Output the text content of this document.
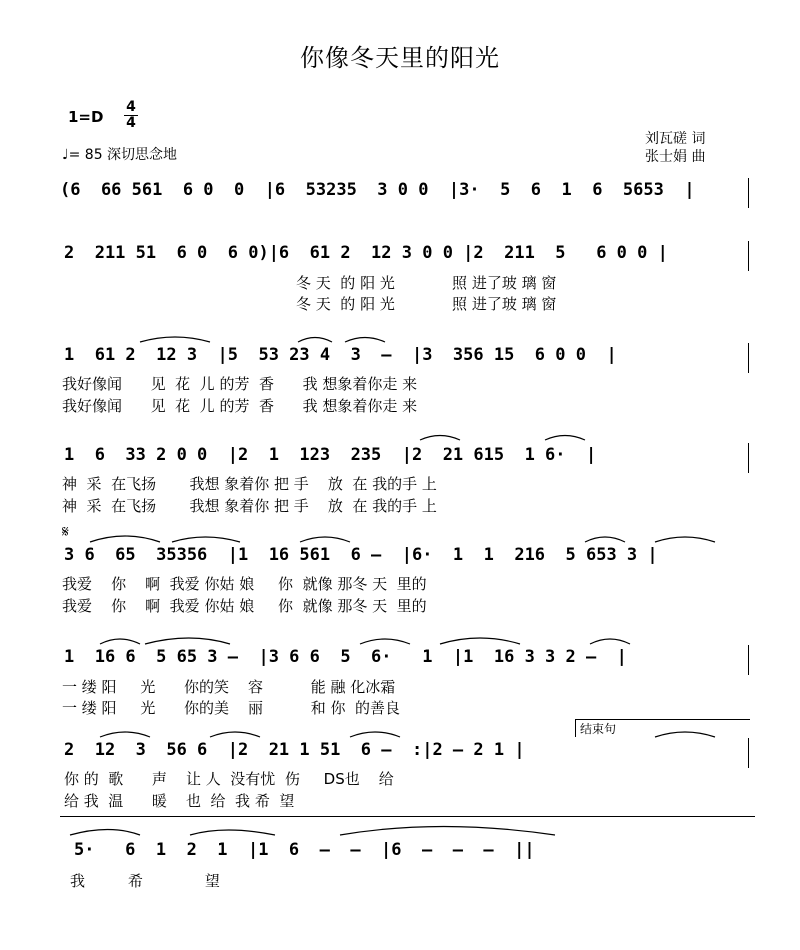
你像冬天里的阳光
1=D
4
4
♩= 85 深切思念地
刘瓦磋 词
张士娟 曲
(6  66 561  6 0  0  |6  53235  3 0 0  |3·  5  6  1  6  5653  |
2  211 51  6 0  6 0)|6  61 2  12 3 0 0 |2  211  5   6 0 0 |
冬 天  的 阳 光            照 进了玻 璃 窗
冬 天  的 阳 光            照 进了玻 璃 窗
1  61 2  12 3  |5  53 23 4  3  –  |3  356 15  6 0 0  |
我好像闻      见  花  儿 的芳  香      我 想象着你走 来
我好像闻      见  花  儿 的芳  香      我 想象着你走 来
1  6  33 2 0 0  |2  1  123  235  |2  21 615  1 6·  |
神  采  在飞扬       我想 象着你 把 手    放  在 我的手 上
神  采  在飞扬       我想 象着你 把 手    放  在 我的手 上
𝄋
3 6  65  35356  |1  16 561  6 –  |6·  1  1  216  5 653 3 |
我爱    你    啊  我爱 你姑 娘     你  就像 那冬 天  里的
我爱    你    啊  我爱 你姑 娘     你  就像 那冬 天  里的
1  16 6  5 65 3 –  |3 6 6  5  6·   1  |1  16 3 3 2 –  |
一 缕 阳     光      你的笑    容          能 融 化冰霜
一 缕 阳     光      你的美    丽          和 你  的善良
结束句
2  12  3  56 6  |2  21 1 51  6 –  :|2 – 2 1 |
你 的  歌      声    让 人  没有忧  伤     DS也    给
给 我  温      暖    也  给  我 希  望
5·   6  1  2  1  |1  6  –  –  |6  –  –  –  ||
我         希             望
